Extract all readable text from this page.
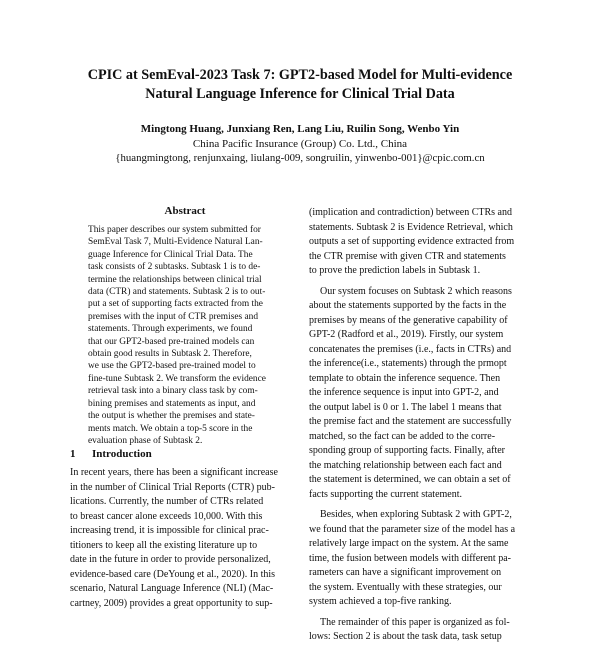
CPIC at SemEval-2023 Task 7: GPT2-based Model for Multi-evidence
Natural Language Inference for Clinical Trial Data
Mingtong Huang, Junxiang Ren, Lang Liu, Ruilin Song, Wenbo Yin
China Pacific Insurance (Group) Co. Ltd., China
{huangmingtong, renjunxaing, liulang-009, songruilin, yinwenbo-001}@cpic.com.cn
Abstract
This paper describes our system submitted for
SemEval Task 7, Multi-Evidence Natural Lan-
guage Inference for Clinical Trial Data. The
task consists of 2 subtasks. Subtask 1 is to de-
termine the relationships between clinical trial
data (CTR) and statements. Subtask 2 is to out-
put a set of supporting facts extracted from the
premises with the input of CTR premises and
statements. Through experiments, we found
that our GPT2-based pre-trained models can
obtain good results in Subtask 2. Therefore,
we use the GPT2-based pre-trained model to
fine-tune Subtask 2. We transform the evidence
retrieval task into a binary class task by com-
bining premises and statements as input, and
the output is whether the premises and state-
ments match. We obtain a top-5 score in the
evaluation phase of Subtask 2.
1 Introduction
In recent years, there has been a significant increase
in the number of Clinical Trial Reports (CTR) pub-
lications. Currently, the number of CTRs related
to breast cancer alone exceeds 10,000. With this
increasing trend, it is impossible for clinical prac-
titioners to keep all the existing literature up to
date in the future in order to provide personalized,
evidence-based care (DeYoung et al., 2020). In this
scenario, Natural Language Inference (NLI) (Mac-
cartney, 2009) provides a great opportunity to sup-
(implication and contradiction) between CTRs and
statements. Subtask 2 is Evidence Retrieval, which
outputs a set of supporting evidence extracted from
the CTR premise with given CTR and statements
to prove the prediction labels in Subtask 1.
Our system focuses on Subtask 2 which reasons
about the statements supported by the facts in the
premises by means of the generative capability of
GPT-2 (Radford et al., 2019). Firstly, our system
concatenates the premises (i.e., facts in CTRs) and
the inference(i.e., statements) through the prmopt
template to obtain the inference sequence. Then
the inference sequence is input into GPT-2, and
the output label is 0 or 1. The label 1 means that
the premise fact and the statement are successfully
matched, so the fact can be added to the corre-
sponding group of supporting facts. Finally, after
the matching relationship between each fact and
the statement is determined, we can obtain a set of
facts supporting the current statement.
Besides, when exploring Subtask 2 with GPT-2,
we found that the parameter size of the model has a
relatively large impact on the system. At the same
time, the fusion between models with different pa-
rameters can have a significant improvement on
the system. Eventually with these strategies, our
system achieved a top-five ranking.
The remainder of this paper is organized as fol-
lows: Section 2 is about the task data, task setup
